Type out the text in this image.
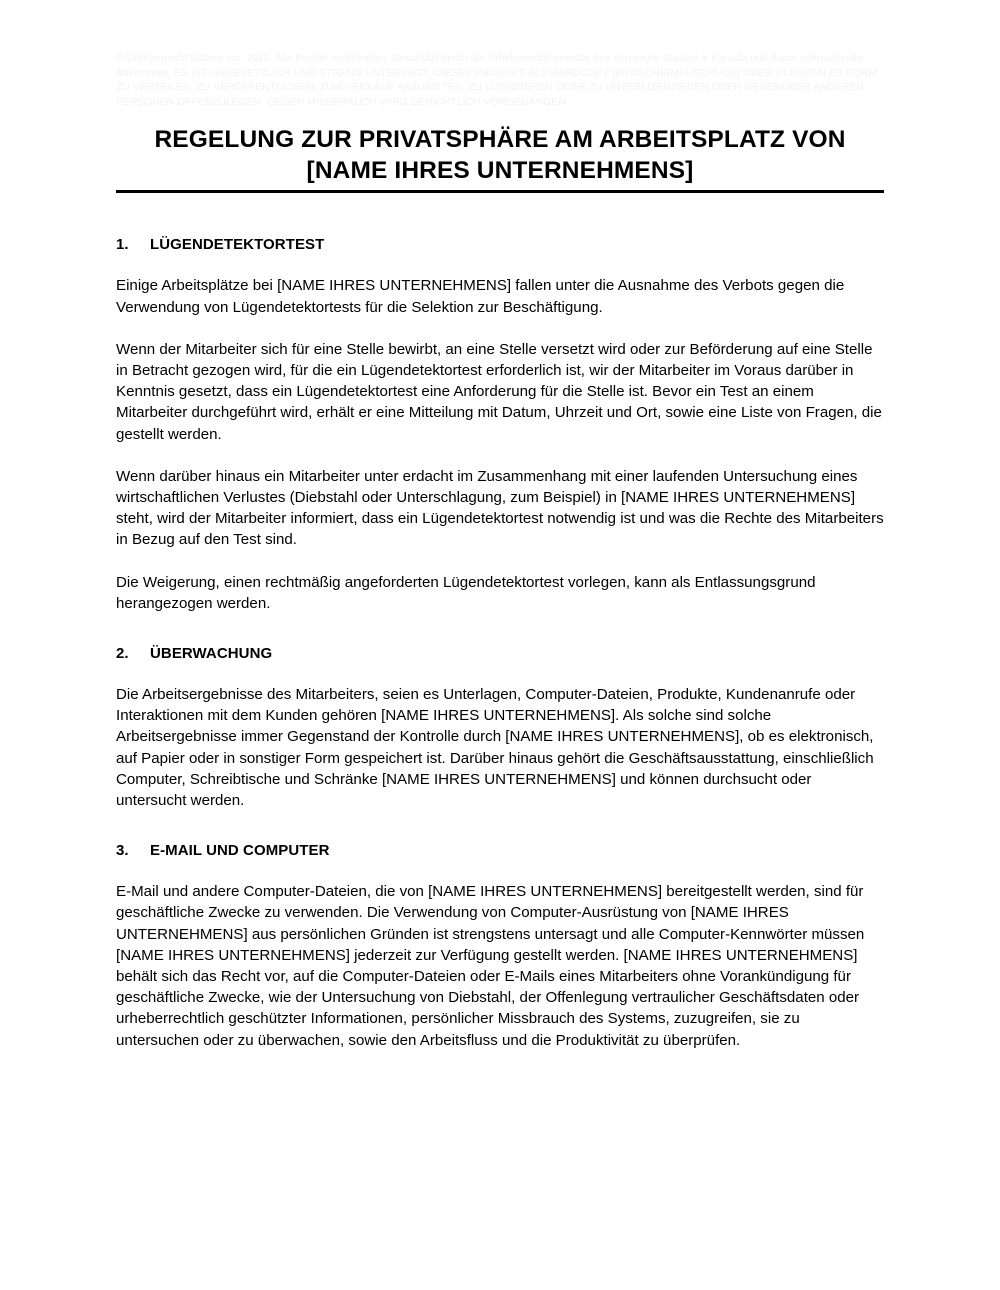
© Urheberrecht Biztree Inc. 2010. Alle Rechte vorbehalten. Geschützt durch die Urheberrechtsgesetze des Vereinigte Staaten & Kanada und durch internationale Abkommen. ES IST UNGESETZLICH UND STRENG UNTERSAGT, DIESES PRODUKT ALS HARDCOPY [BILDSCHIRMAUSDRUCK] ODER IN DIGITALER FORM ZU VERTEILEN, ZU VERÖFFENTLICHEN, ZUM VERKAUF ANZUBIETEN, ZU LIZENZIEREN ODER ZU UNTERLIZENZIEREN ODER GEGENÜBER ANDEREN PERSONEN OFFENZULEGEN. GEGEN MISSBRAUCH WIRD GERICHTLICH VORGEGANGEN

REGELUNG ZUR PRIVATSPHÄRE AM ARBEITSPLATZ VON [NAME IHRES UNTERNEHMENS]
1.	LÜGENDETEKTORTEST

Einige Arbeitsplätze bei [NAME IHRES UNTERNEHMENS] fallen unter die Ausnahme des Verbots gegen die Verwendung von Lügendetektortests für die Selektion zur Beschäftigung.

Wenn der Mitarbeiter sich für eine Stelle bewirbt, an eine Stelle versetzt wird oder zur Beförderung auf eine Stelle in Betracht gezogen wird, für die ein Lügendetektortest erforderlich ist, wir der Mitarbeiter im Voraus darüber in Kenntnis gesetzt, dass ein Lügendetektortest eine Anforderung für die Stelle ist. Bevor ein Test an einem Mitarbeiter durchgeführt wird, erhält er eine Mitteilung mit Datum, Uhrzeit und Ort, sowie eine Liste von Fragen, die gestellt werden.

Wenn darüber hinaus ein Mitarbeiter unter erdacht im Zusammenhang mit einer laufenden Untersuchung eines wirtschaftlichen Verlustes (Diebstahl oder Unterschlagung, zum Beispiel) in [NAME IHRES UNTERNEHMENS] steht, wird der Mitarbeiter informiert, dass ein Lügendetektortest notwendig ist und was die Rechte des Mitarbeiters in Bezug auf den Test sind.

Die Weigerung, einen rechtmäßig angeforderten Lügendetektortest vorlegen, kann als Entlassungsgrund herangezogen werden.

2.	ÜBERWACHUNG

Die Arbeitsergebnisse des Mitarbeiters, seien es Unterlagen, Computer-Dateien, Produkte, Kundenanrufe oder Interaktionen mit dem Kunden gehören [NAME IHRES UNTERNEHMENS]. Als solche sind solche Arbeitsergebnisse immer Gegenstand der Kontrolle durch [NAME IHRES UNTERNEHMENS], ob es elektronisch, auf Papier oder in sonstiger Form gespeichert ist. Darüber hinaus gehört die Geschäftsausstattung, einschließlich Computer, Schreibtische und Schränke [NAME IHRES UNTERNEHMENS] und können durchsucht oder untersucht werden.

3.	E-MAIL UND COMPUTER

E-Mail und andere Computer-Dateien, die von [NAME IHRES UNTERNEHMENS] bereitgestellt werden, sind für geschäftliche Zwecke zu verwenden. Die Verwendung von Computer-Ausrüstung von [NAME IHRES UNTERNEHMENS] aus persönlichen Gründen ist strengstens untersagt und alle Computer-Kennwörter müssen [NAME IHRES UNTERNEHMENS] jederzeit zur Verfügung gestellt werden. [NAME IHRES UNTERNEHMENS] behält sich das Recht vor, auf die Computer-Dateien oder E-Mails eines Mitarbeiters ohne Vorankündigung für geschäftliche Zwecke, wie der Untersuchung von Diebstahl, der Offenlegung vertraulicher Geschäftsdaten oder urheberrechtlich geschützter Informationen, persönlicher Missbrauch des Systems, zuzugreifen, sie zu untersuchen oder zu überwachen, sowie den Arbeitsfluss und die Produktivität zu überprüfen.
